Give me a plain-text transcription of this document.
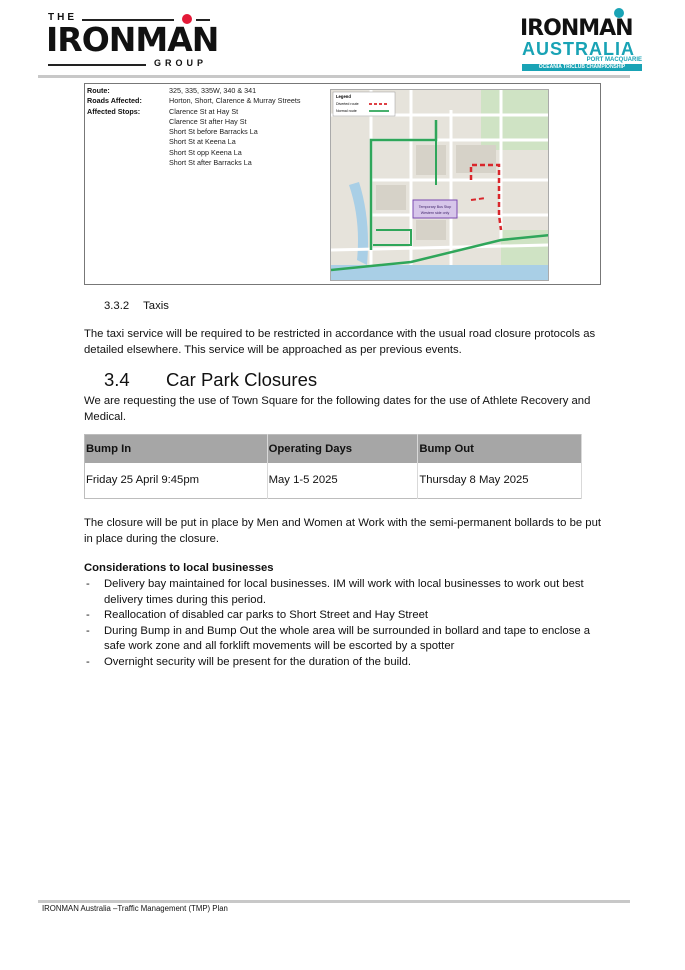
THE
IRONMAN
GROUP
IRONMAN
AUSTRALIA
PORT MACQUARIE
OCEANIA TRICLUB CHAMPIONSHIP
Route:	325, 335, 335W, 340 & 341
Roads Affected:	Horton, Short, Clarence & Murray Streets
Affected Stops:	Clarence St at Hay St
Clarence St after Hay St
Short St before Barracks La
Short St at Keena La
Short St opp Keena La
Short St after Barracks La
Temporary Bus Stop
Western side only
Legend
Diverted route
Normal route
3.3.2 Taxis
The taxi service will be required to be restricted in accordance with the usual road closure protocols as detailed elsewhere. This service will be approached as per previous events.
3.4 Car Park Closures
We are requesting the use of Town Square for the following dates for the use of Athlete Recovery and Medical.
Bump In	Operating Days	Bump Out
Friday 25 April 9:45pm	May 1-5 2025	Thursday 8 May 2025
The closure will be put in place by Men and Women at Work with the semi-permanent bollards to be put in place during the closure.
Considerations to local businesses
- Delivery bay maintained for local businesses. IM will work with local businesses to work out best delivery times during this period.
- Reallocation of disabled car parks to Short Street and Hay Street
- During Bump in and Bump Out the whole area will be surrounded in bollard and tape to enclose a safe work zone and all forklift movements will be escorted by a spotter
- Overnight security will be present for the duration of the build.
IRONMAN Australia –Traffic Management (TMP) Plan
